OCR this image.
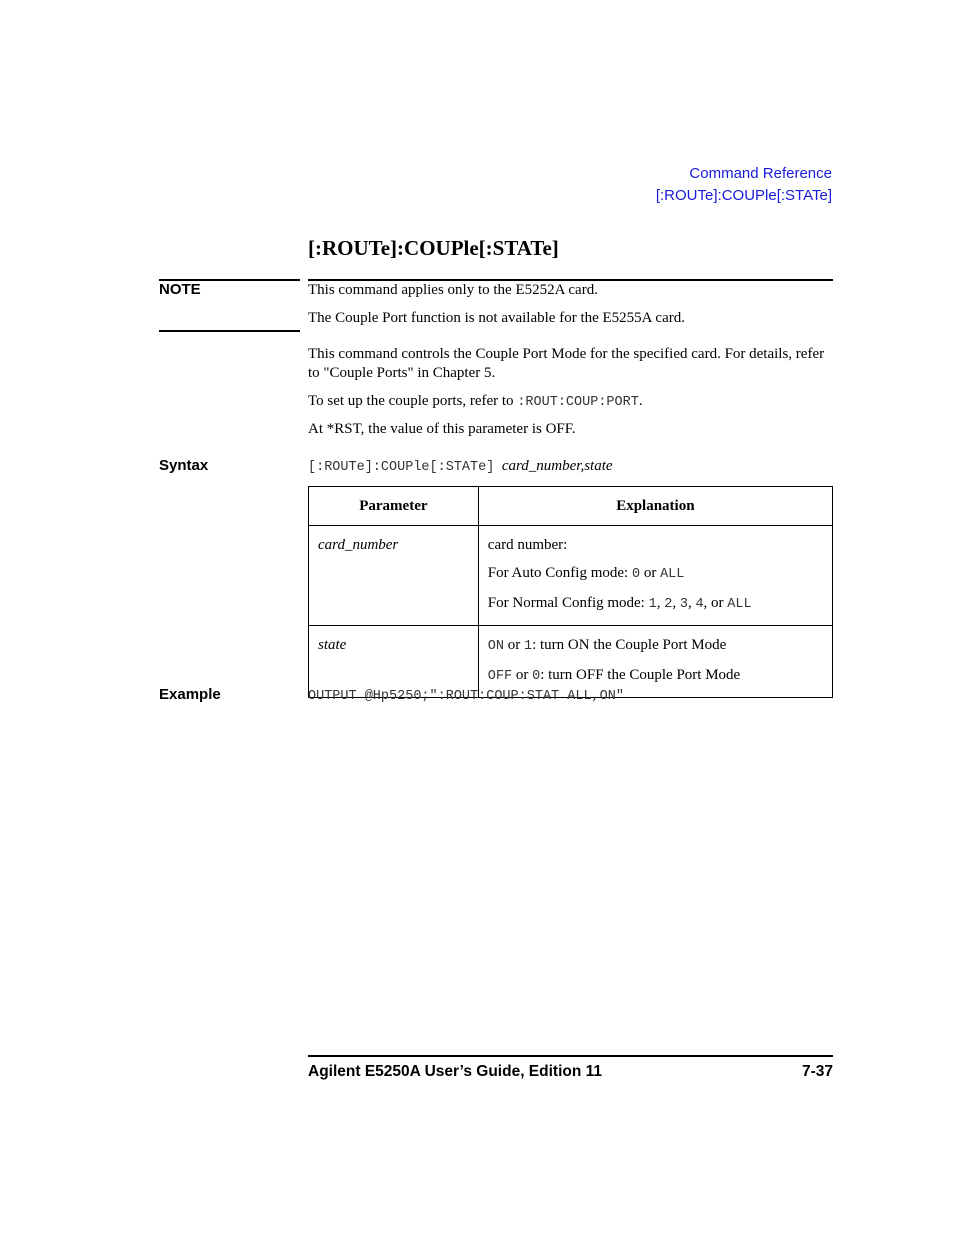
Command Reference
[:ROUTe]:COUPle[:STATe]
[:ROUTe]:COUPle[:STATe]
NOTE	This command applies only to the E5252A card.
The Couple Port function is not available for the E5255A card.
This command controls the Couple Port Mode for the specified card. For details, refer to "Couple Ports" in Chapter 5.
To set up the couple ports, refer to :ROUT:COUP:PORT.
At *RST, the value of this parameter is OFF.
Syntax	[:ROUTe]:COUPle[:STATe] card_number,state
Parameter	Explanation

card_number	card number:

For Auto Config mode: 0 or ALL

For Normal Config mode: 1, 2, 3, 4, or ALL

state	ON or 1: turn ON the Couple Port Mode

OFF or 0: turn OFF the Couple Port Mode

Example	OUTPUT @Hp5250;":ROUT:COUP:STAT ALL,ON"
Agilent E5250A User’s Guide, Edition 11	7-37
